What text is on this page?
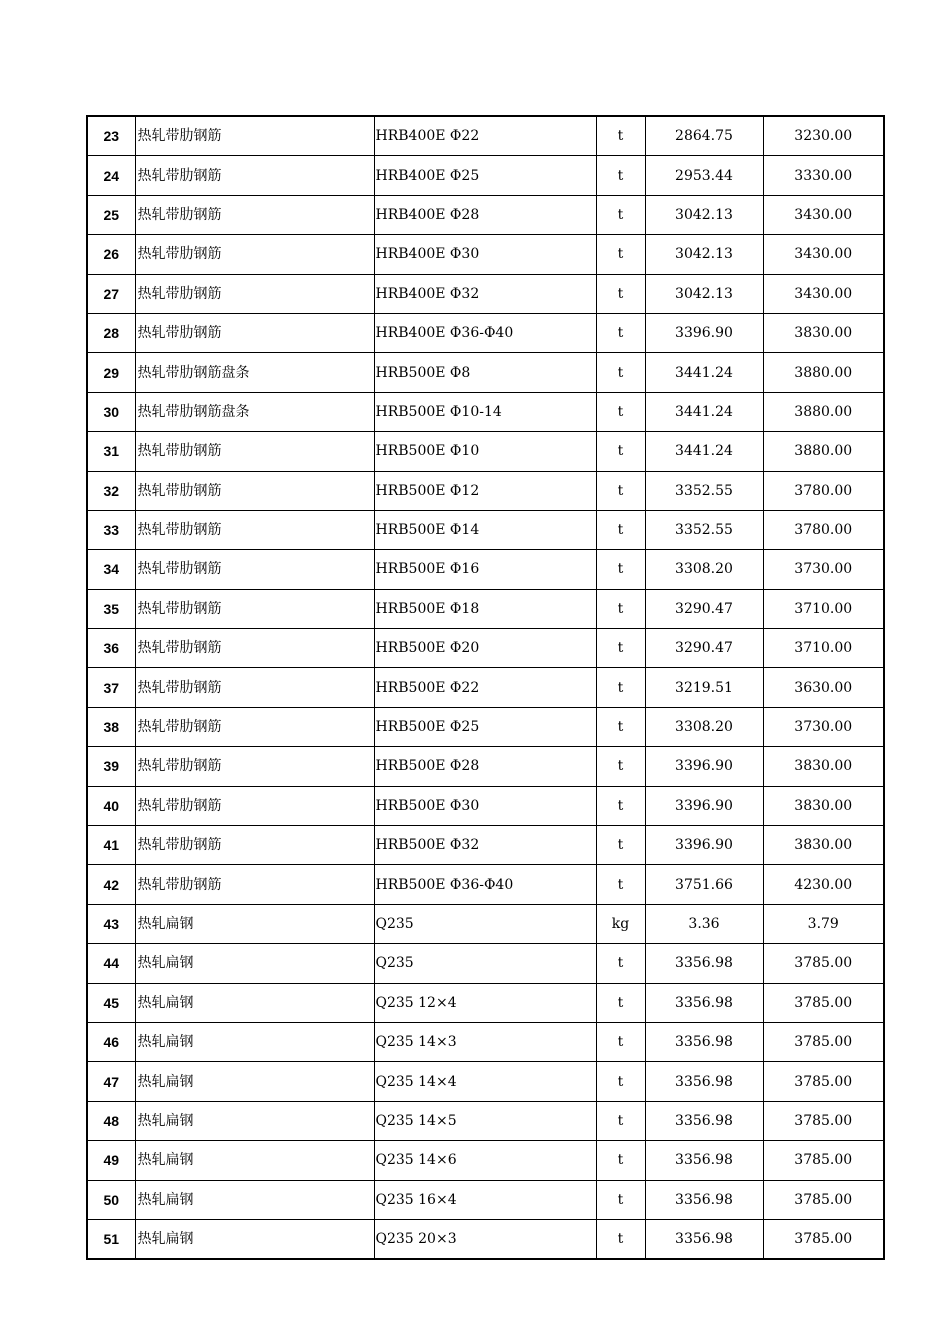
23	热轧带肋钢筋	HRB400E Φ22	t	2864.75	3230.00
24	热轧带肋钢筋	HRB400E Φ25	t	2953.44	3330.00
25	热轧带肋钢筋	HRB400E Φ28	t	3042.13	3430.00
26	热轧带肋钢筋	HRB400E Φ30	t	3042.13	3430.00
27	热轧带肋钢筋	HRB400E Φ32	t	3042.13	3430.00
28	热轧带肋钢筋	HRB400E Φ36-Φ40	t	3396.90	3830.00
29	热轧带肋钢筋盘条	HRB500E Φ8	t	3441.24	3880.00
30	热轧带肋钢筋盘条	HRB500E Φ10-14	t	3441.24	3880.00
31	热轧带肋钢筋	HRB500E Φ10	t	3441.24	3880.00
32	热轧带肋钢筋	HRB500E Φ12	t	3352.55	3780.00
33	热轧带肋钢筋	HRB500E Φ14	t	3352.55	3780.00
34	热轧带肋钢筋	HRB500E Φ16	t	3308.20	3730.00
35	热轧带肋钢筋	HRB500E Φ18	t	3290.47	3710.00
36	热轧带肋钢筋	HRB500E Φ20	t	3290.47	3710.00
37	热轧带肋钢筋	HRB500E Φ22	t	3219.51	3630.00
38	热轧带肋钢筋	HRB500E Φ25	t	3308.20	3730.00
39	热轧带肋钢筋	HRB500E Φ28	t	3396.90	3830.00
40	热轧带肋钢筋	HRB500E Φ30	t	3396.90	3830.00
41	热轧带肋钢筋	HRB500E Φ32	t	3396.90	3830.00
42	热轧带肋钢筋	HRB500E Φ36-Φ40	t	3751.66	4230.00
43	热轧扁钢	Q235	kg	3.36	3.79
44	热轧扁钢	Q235	t	3356.98	3785.00
45	热轧扁钢	Q235 12×4	t	3356.98	3785.00
46	热轧扁钢	Q235 14×3	t	3356.98	3785.00
47	热轧扁钢	Q235 14×4	t	3356.98	3785.00
48	热轧扁钢	Q235 14×5	t	3356.98	3785.00
49	热轧扁钢	Q235 14×6	t	3356.98	3785.00
50	热轧扁钢	Q235 16×4	t	3356.98	3785.00
51	热轧扁钢	Q235 20×3	t	3356.98	3785.00
